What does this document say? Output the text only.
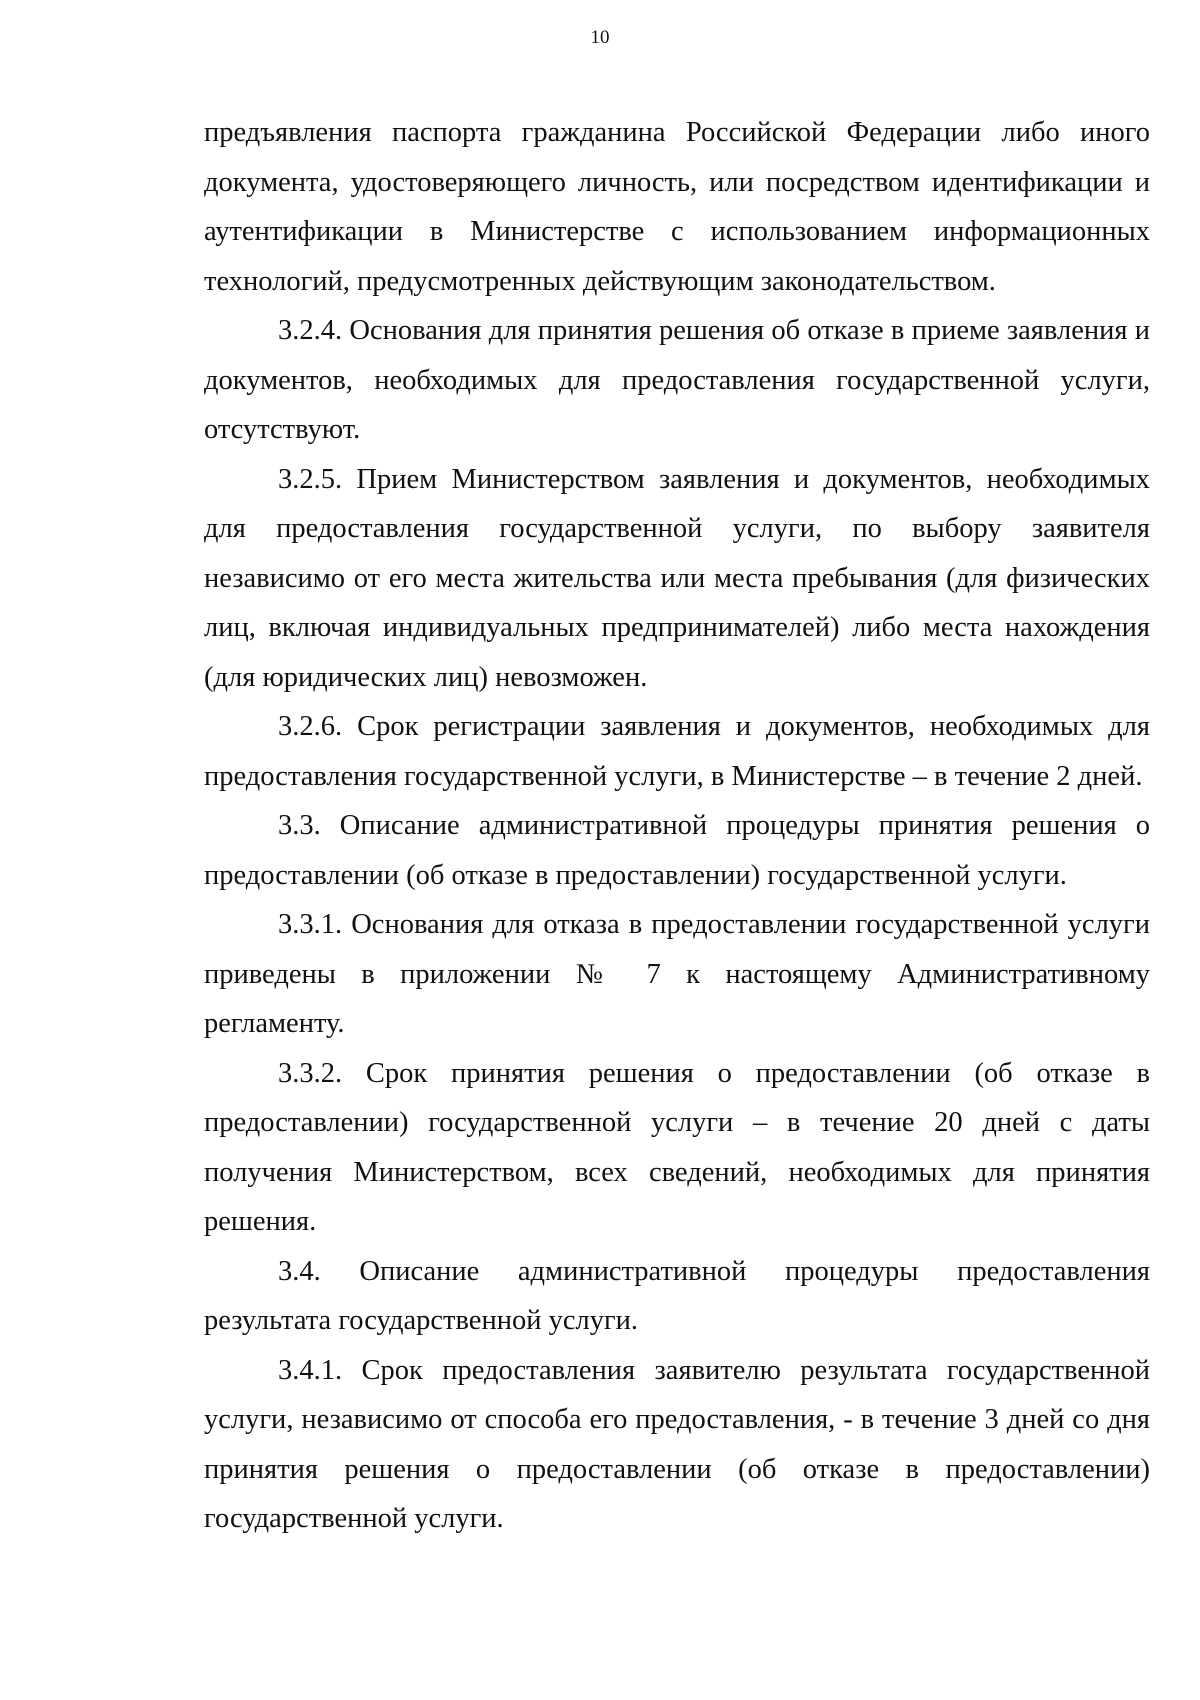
10

предъявления паспорта гражданина Российской Федерации либо иного документа, удостоверяющего личность, или посредством идентификации и аутентификации в Министерстве с использованием информационных технологий, предусмотренных действующим законодательством.

3.2.4. Основания для принятия решения об отказе в приеме заявления и документов, необходимых для предоставления государственной услуги, отсутствуют.

3.2.5. Прием Министерством заявления и документов, необходимых для предоставления государственной услуги, по выбору заявителя независимо от его места жительства или места пребывания (для физических лиц, включая индивидуальных предпринимателей) либо места нахождения (для юридических лиц) невозможен.

3.2.6. Срок регистрации заявления и документов, необходимых для предоставления государственной услуги, в Министерстве – в течение 2 дней.

3.3. Описание административной процедуры принятия решения о предоставлении (об отказе в предоставлении) государственной услуги.

3.3.1. Основания для отказа в предоставлении государственной услуги приведены в приложении № 7 к настоящему Административному регламенту.

3.3.2. Срок принятия решения о предоставлении (об отказе в предоставлении) государственной услуги – в течение 20 дней с даты получения Министерством, всех сведений, необходимых для принятия решения.

3.4. Описание административной процедуры предоставления результата государственной услуги.

3.4.1. Срок предоставления заявителю результата государственной услуги, независимо от способа его предоставления, - в течение 3 дней со дня принятия решения о предоставлении (об отказе в предоставлении) государственной услуги.
